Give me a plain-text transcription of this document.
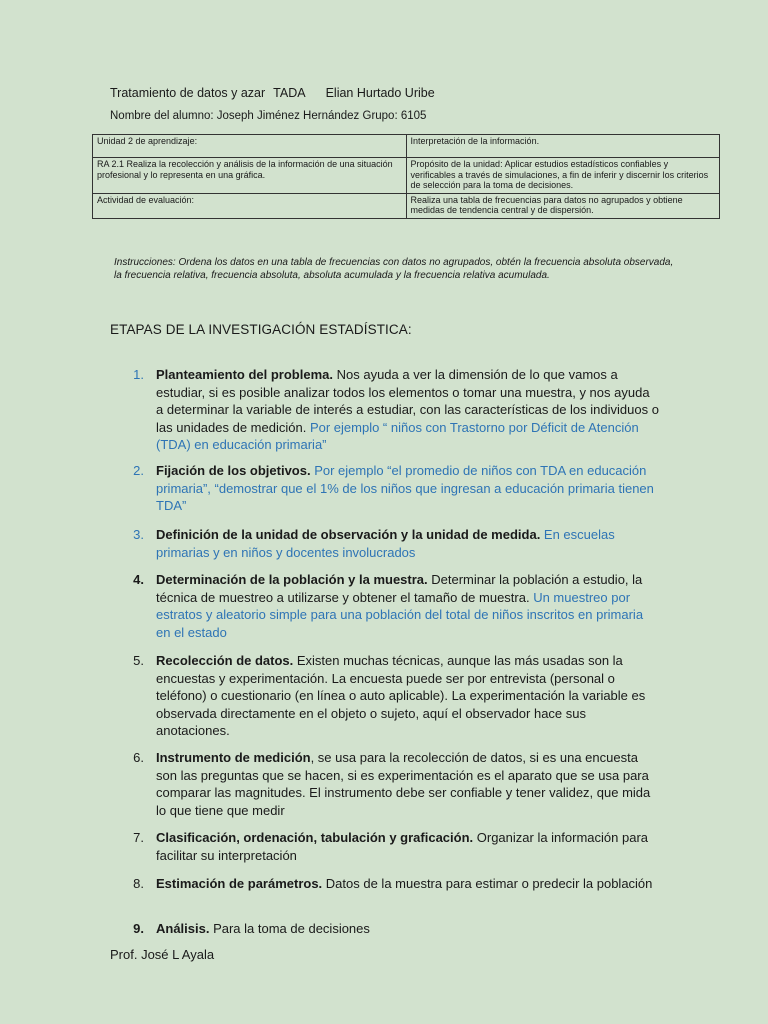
Tratamiento de datos y azar TADA Elian Hurtado Uribe
Nombre del alumno: Joseph Jiménez Hernández Grupo: 6105
Unidad 2 de aprendizaje:	Interpretación de la información.
RA 2.1 Realiza la recolección y análisis de la información de una situación profesional y lo representa en una gráfica.	Propósito de la unidad: Aplicar estudios estadísticos confiables y verificables a través de simulaciones, a fin de inferir y discernir los criterios de selección para la toma de decisiones.
Actividad de evaluación:	Realiza una tabla de frecuencias para datos no agrupados y obtiene medidas de tendencia central y de dispersión.
Instrucciones: Ordena los datos en una tabla de frecuencias con datos no agrupados, obtén la frecuencia absoluta observada, la frecuencia relativa, frecuencia absoluta, absoluta acumulada y la frecuencia relativa acumulada.
ETAPAS DE LA INVESTIGACIÓN ESTADÍSTICA:
1. Planteamiento del problema. Nos ayuda a ver la dimensión de lo que vamos a estudiar, si es posible analizar todos los elementos o tomar una muestra, y nos ayuda a determinar la variable de interés a estudiar, con las características de los individuos o las unidades de medición. Por ejemplo “ niños con Trastorno por Déficit de Atención (TDA) en educación primaria”
2. Fijación de los objetivos. Por ejemplo “el promedio de niños con TDA en educación primaria”, “demostrar que el 1% de los niños que ingresan a educación primaria tienen TDA”
3. Definición de la unidad de observación y la unidad de medida. En escuelas primarias y en niños y docentes involucrados
4. Determinación de la población y la muestra. Determinar la población a estudio, la técnica de muestreo a utilizarse y obtener el tamaño de muestra. Un muestreo por estratos y aleatorio simple para una población del total de niños inscritos en primaria en el estado
5. Recolección de datos. Existen muchas técnicas, aunque las más usadas son la encuestas y experimentación. La encuesta puede ser por entrevista (personal o teléfono) o cuestionario (en línea o auto aplicable). La experimentación la variable es observada directamente en el objeto o sujeto, aquí el observador hace sus anotaciones.
6. Instrumento de medición, se usa para la recolección de datos, si es una encuesta son las preguntas que se hacen, si es experimentación es el aparato que se usa para comparar las magnitudes. El instrumento debe ser confiable y tener validez, que mida lo que tiene que medir
7. Clasificación, ordenación, tabulación y graficación. Organizar la información para facilitar su interpretación
8. Estimación de parámetros. Datos de la muestra para estimar o predecir la población
9. Análisis. Para la toma de decisiones
Prof. José L Ayala
